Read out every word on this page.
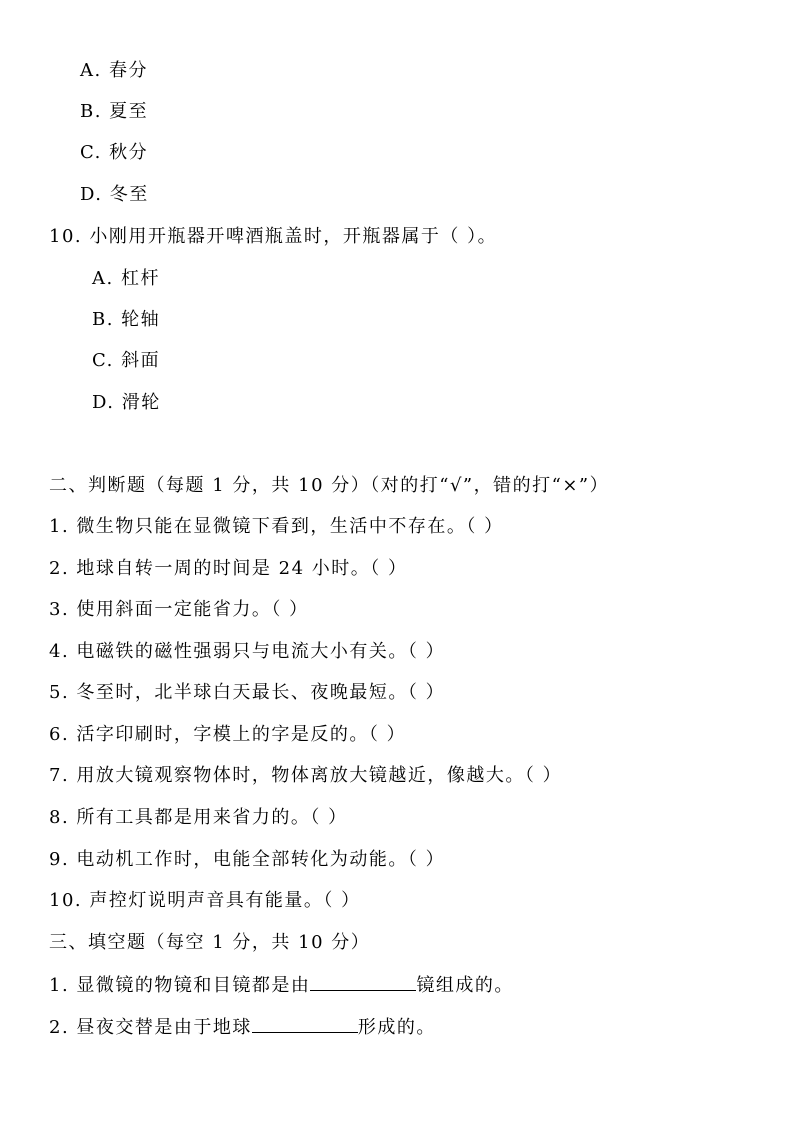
A. 春分
B. 夏至
C. 秋分
D. 冬至
10. 小刚用开瓶器开啤酒瓶盖时，开瓶器属于（ ）。
A. 杠杆
B. 轮轴
C. 斜面
D. 滑轮
二、判断题（每题 1 分，共 10 分）（对的打“√”，错的打“×”）
1. 微生物只能在显微镜下看到，生活中不存在。（ ）
2. 地球自转一周的时间是 24 小时。（ ）
3. 使用斜面一定能省力。（ ）
4. 电磁铁的磁性强弱只与电流大小有关。（ ）
5. 冬至时，北半球白天最长、夜晚最短。（ ）
6. 活字印刷时，字模上的字是反的。（ ）
7. 用放大镜观察物体时，物体离放大镜越近，像越大。（ ）
8. 所有工具都是用来省力的。（ ）
9. 电动机工作时，电能全部转化为动能。（ ）
10. 声控灯说明声音具有能量。（ ）
三、填空题（每空 1 分，共 10 分）
1. 显微镜的物镜和目镜都是由	镜组成的。
2. 昼夜交替是由于地球	形成的。
